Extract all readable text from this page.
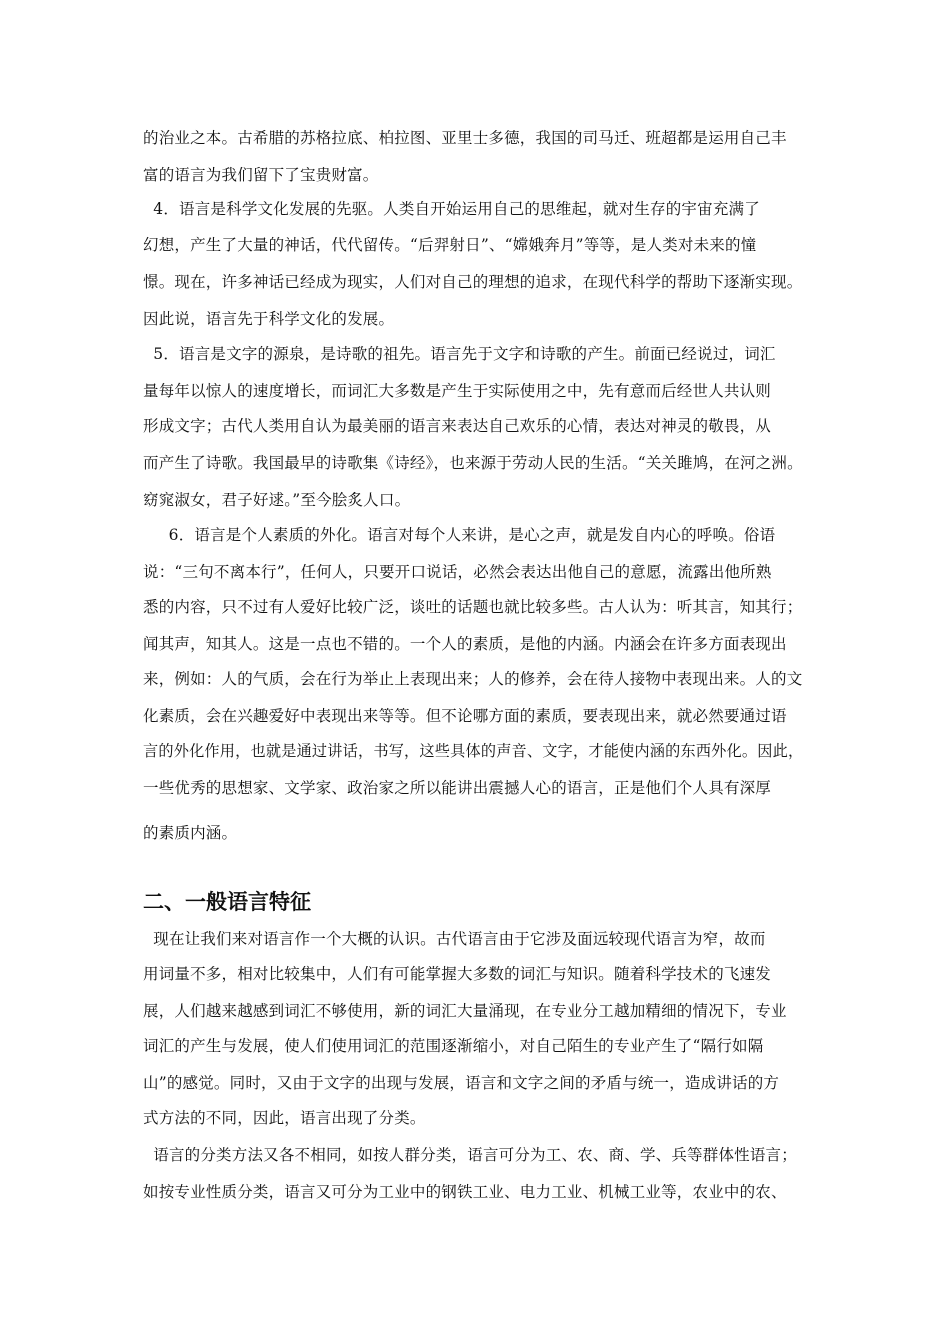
的治业之本。古希腊的苏格拉底、柏拉图、亚里士多德，我国的司马迁、班超都是运用自己丰
富的语言为我们留下了宝贵财富。
4．语言是科学文化发展的先驱。人类自开始运用自己的思维起，就对生存的宇宙充满了
幻想，产生了大量的神话，代代留传。“后羿射日”、“嫦娥奔月”等等，是人类对未来的憧
憬。现在，许多神话已经成为现实，人们对自己的理想的追求，在现代科学的帮助下逐渐实现。
因此说，语言先于科学文化的发展。
5．语言是文字的源泉，是诗歌的祖先。语言先于文字和诗歌的产生。前面已经说过，词汇
量每年以惊人的速度增长，而词汇大多数是产生于实际使用之中，先有意而后经世人共认则
形成文字；古代人类用自认为最美丽的语言来表达自己欢乐的心情，表达对神灵的敬畏，从
而产生了诗歌。我国最早的诗歌集《诗经》，也来源于劳动人民的生活。“关关雎鸠，在河之洲。
窈窕淑女，君子好逑。”至今脍炙人口。
6．语言是个人素质的外化。语言对每个人来讲，是心之声，就是发自内心的呼唤。俗语
说：“三句不离本行”，任何人，只要开口说话，必然会表达出他自己的意愿，流露出他所熟
悉的内容，只不过有人爱好比较广泛，谈吐的话题也就比较多些。古人认为：听其言，知其行；
闻其声，知其人。这是一点也不错的。一个人的素质，是他的内涵。内涵会在许多方面表现出
来，例如：人的气质，会在行为举止上表现出来；人的修养，会在待人接物中表现出来。人的文
化素质，会在兴趣爱好中表现出来等等。但不论哪方面的素质，要表现出来，就必然要通过语
言的外化作用，也就是通过讲话，书写，这些具体的声音、文字，才能使内涵的东西外化。因此，
一些优秀的思想家、文学家、政治家之所以能讲出震撼人心的语言，正是他们个人具有深厚
的素质内涵。
二、一般语言特征
现在让我们来对语言作一个大概的认识。古代语言由于它涉及面远较现代语言为窄，故而
用词量不多，相对比较集中，人们有可能掌握大多数的词汇与知识。随着科学技术的飞速发
展，人们越来越感到词汇不够使用，新的词汇大量涌现，在专业分工越加精细的情况下，专业
词汇的产生与发展，使人们使用词汇的范围逐渐缩小，对自己陌生的专业产生了“隔行如隔
山”的感觉。同时，又由于文字的出现与发展，语言和文字之间的矛盾与统一，造成讲话的方
式方法的不同，因此，语言出现了分类。
语言的分类方法又各不相同，如按人群分类，语言可分为工、农、商、学、兵等群体性语言；
如按专业性质分类，语言又可分为工业中的钢铁工业、电力工业、机械工业等，农业中的农、
